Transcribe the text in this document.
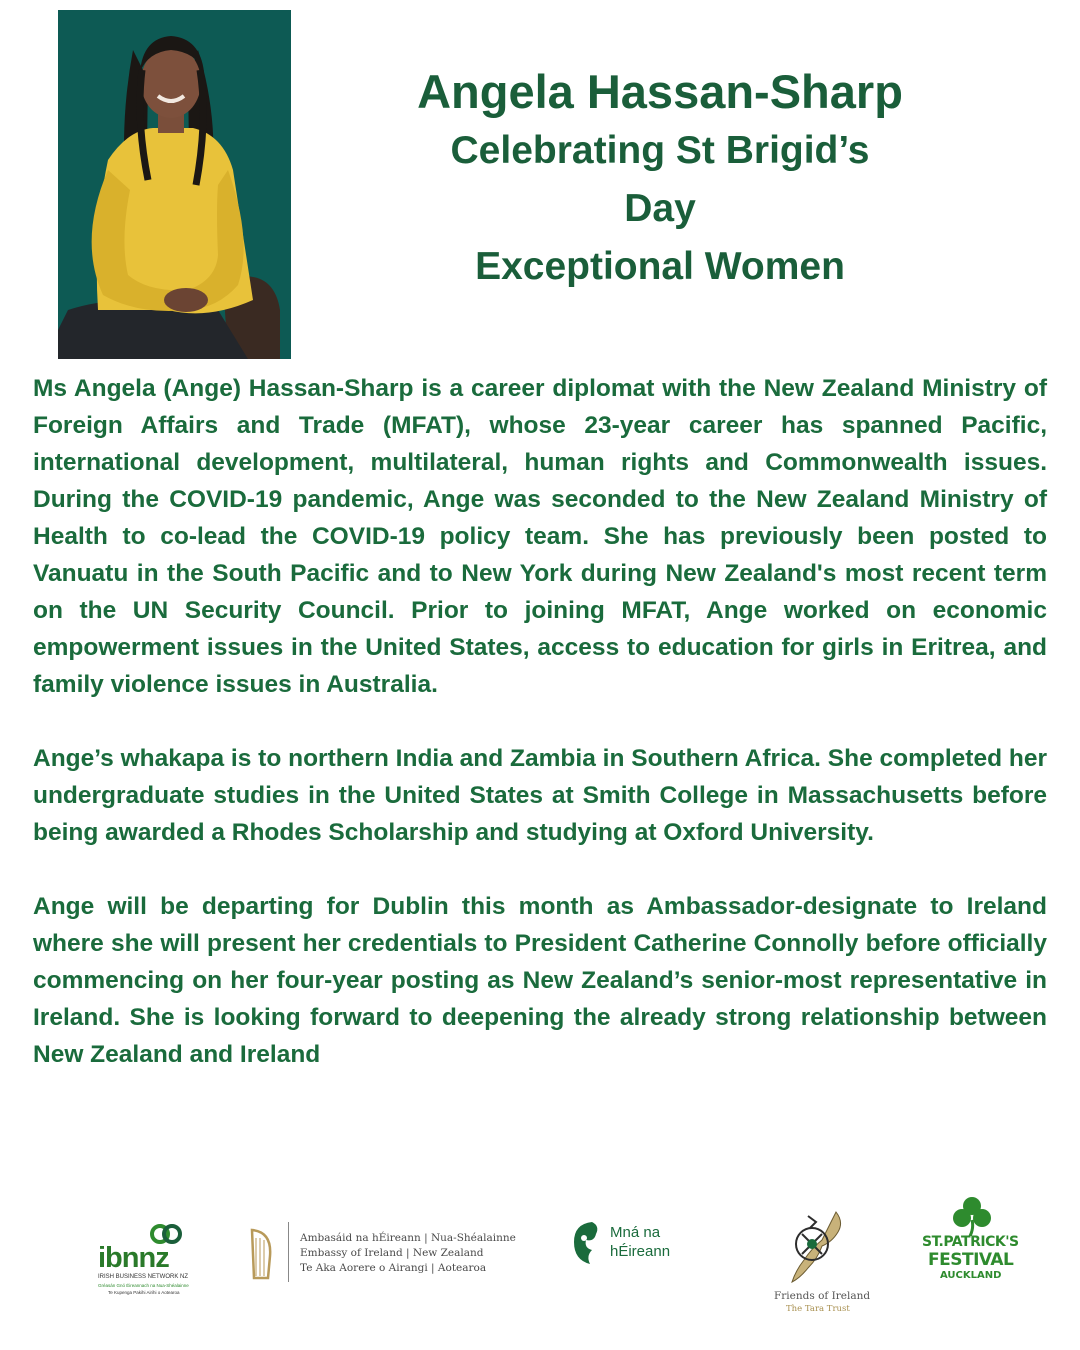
Angela Hassan-Sharp
Celebrating St Brigid’s
Day
Exceptional Women

Ms Angela (Ange) Hassan-Sharp is a career diplomat with the New Zealand Ministry of Foreign Affairs and Trade (MFAT), whose 23-year career has spanned Pacific, international development, multilateral, human rights and Commonwealth issues. During the COVID-19 pandemic, Ange was seconded to the New Zealand Ministry of Health to co-lead the COVID-19 policy team. She has previously been posted to Vanuatu in the South Pacific and to New York during New Zealand's most recent term on the UN Security Council. Prior to joining MFAT, Ange worked on economic empowerment issues in the United States, access to education for girls in Eritrea, and family violence issues in Australia.

Ange’s whakapa is to northern India and Zambia in Southern Africa. She completed her undergraduate studies in the United States at Smith College in Massachusetts before being awarded a Rhodes Scholarship and studying at Oxford University.

Ange will be departing for Dublin this month as Ambassador-designate to Ireland where she will present her credentials to President Catherine Connolly before officially commencing on her four-year posting as New Zealand’s senior-most representative in Ireland. She is looking forward to deepening the already strong relationship between New Zealand and Ireland

ibnnz
IRISH BUSINESS NETWORK NZ
Gréasán Gnó Éireannach na Nua-Shéalainne
Te Kupenga Pakihi Airihi o Aotearoa
Ambasáid na hÉireann | Nua-Shéalainne
Embassy of Ireland | New Zealand
Te Aka Aorere o Airangi | Aotearoa
Mná na
hÉireann
Friends of Ireland
The Tara Trust
ST.PATRICK'S
FESTIVAL
AUCKLAND
